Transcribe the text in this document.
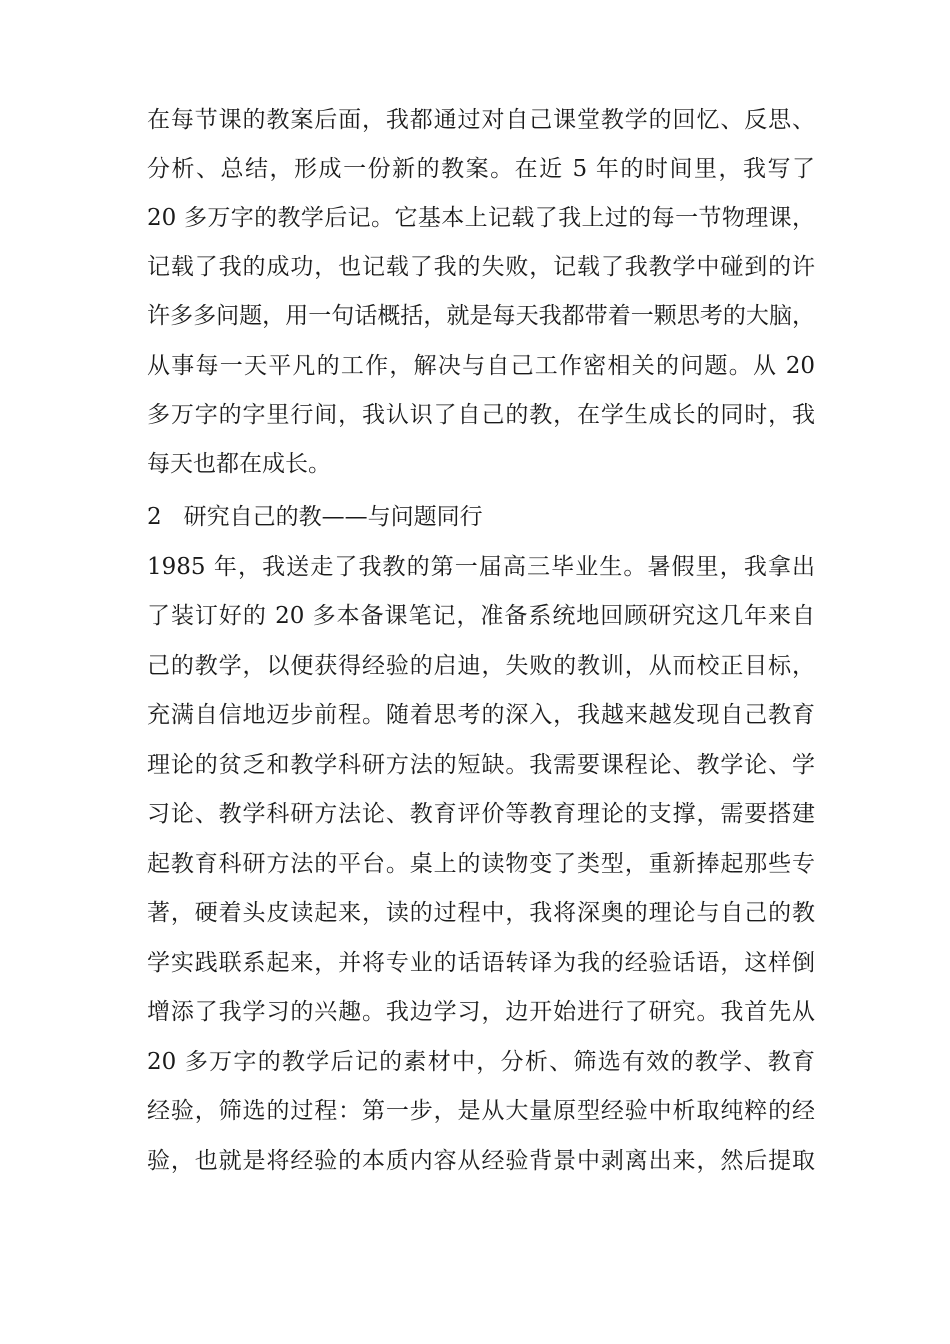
在每节课的教案后面，我都通过对自己课堂教学的回忆、反思、
分析、总结，形成一份新的教案。在近 5 年的时间里，我写了
20 多万字的教学后记。它基本上记载了我上过的每一节物理课，
记载了我的成功，也记载了我的失败，记载了我教学中碰到的许
许多多问题，用一句话概括，就是每天我都带着一颗思考的大脑，
从事每一天平凡的工作，解决与自己工作密相关的问题。从 20
多万字的字里行间，我认识了自己的教，在学生成长的同时，我
每天也都在成长。
2   研究自己的教——与问题同行
1985 年，我送走了我教的第一届高三毕业生。暑假里，我拿出
了装订好的 20 多本备课笔记，准备系统地回顾研究这几年来自
己的教学，以便获得经验的启迪，失败的教训，从而校正目标，
充满自信地迈步前程。随着思考的深入，我越来越发现自己教育
理论的贫乏和教学科研方法的短缺。我需要课程论、教学论、学
习论、教学科研方法论、教育评价等教育理论的支撑，需要搭建
起教育科研方法的平台。桌上的读物变了类型，重新捧起那些专
著，硬着头皮读起来，读的过程中，我将深奥的理论与自己的教
学实践联系起来，并将专业的话语转译为我的经验话语，这样倒
增添了我学习的兴趣。我边学习，边开始进行了研究。我首先从
20 多万字的教学后记的素材中，分析、筛选有效的教学、教育
经验，筛选的过程：第一步，是从大量原型经验中析取纯粹的经
验，也就是将经验的本质内容从经验背景中剥离出来，然后提取
